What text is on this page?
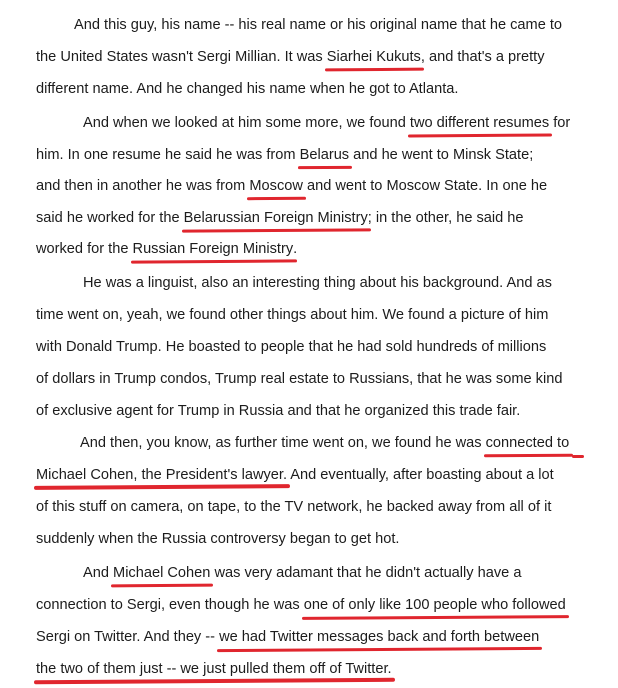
And this guy, his name -- his real name or his original name that he came to
the United States wasn't Sergi Millian. It was Siarhei Kukuts, and that's a pretty
different name. And he changed his name when he got to Atlanta.
And when we looked at him some more, we found two different resumes for
him. In one resume he said he was from Belarus and he went to Minsk State;
and then in another he was from Moscow and went to Moscow State. In one he
said he worked for the Belarussian Foreign Ministry; in the other, he said he
worked for the Russian Foreign Ministry.
He was a linguist, also an interesting thing about his background. And as
time went on, yeah, we found other things about him. We found a picture of him
with Donald Trump. He boasted to people that he had sold hundreds of millions
of dollars in Trump condos, Trump real estate to Russians, that he was some kind
of exclusive agent for Trump in Russia and that he organized this trade fair.
And then, you know, as further time went on, we found he was connected to
Michael Cohen, the President's lawyer. And eventually, after boasting about a lot
of this stuff on camera, on tape, to the TV network, he backed away from all of it
suddenly when the Russia controversy began to get hot.
And Michael Cohen was very adamant that he didn't actually have a
connection to Sergi, even though he was one of only like 100 people who followed
Sergi on Twitter. And they -- we had Twitter messages back and forth between
the two of them just -- we just pulled them off of Twitter.
